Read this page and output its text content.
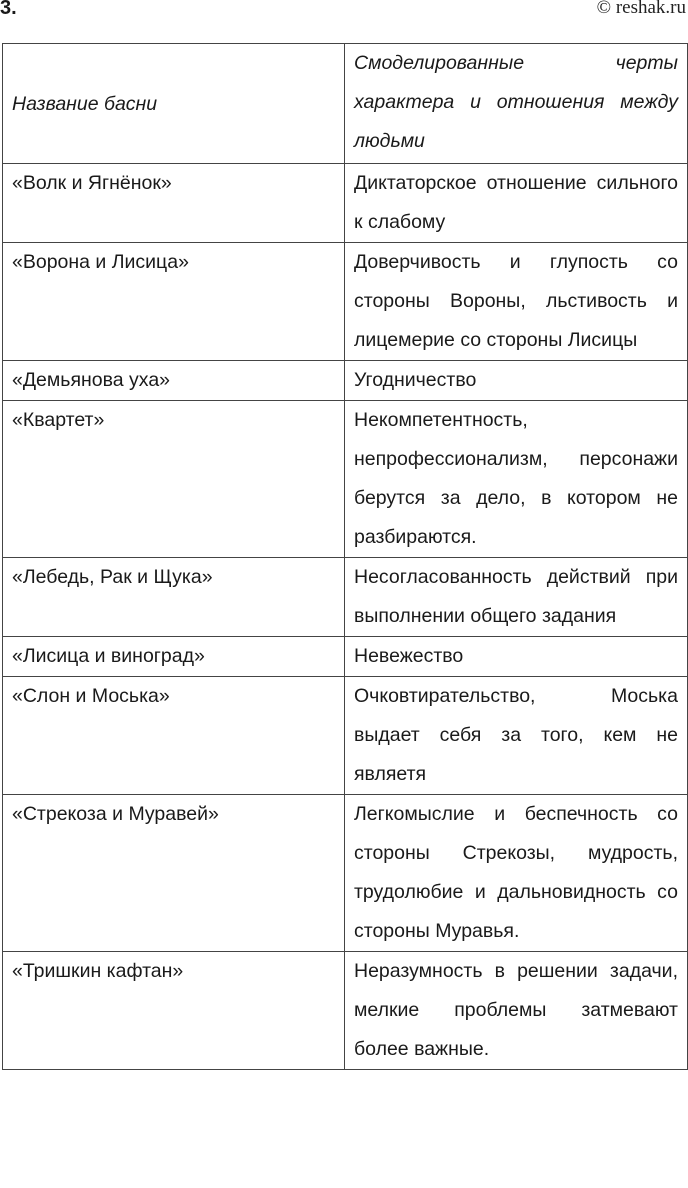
3.	© reshak.ru
Название басни	Смоделированные черты характера и отношения между людьми
«Волк и Ягнёнок»	Диктаторское отношение сильного к слабому
«Ворона и Лисица»	Доверчивость и глупость со стороны Вороны, льстивость и лицемерие со стороны Лисицы
«Демьянова уха»	Угодничество
«Квартет»	Некомпетентность, непрофессионализм, персонажи берутся за дело, в котором не разбираются.
«Лебедь, Рак и Щука»	Несогласованность действий при выполнении общего задания
«Лисица и виноград»	Невежество
«Слон и Моська»	Очковтирательство, Моська выдает себя за того, кем не являетя
«Стрекоза и Муравей»	Легкомыслие и беспечность со стороны Стрекозы, мудрость, трудолюбие и дальновидность со стороны Муравья.
«Тришкин кафтан»	Неразумность в решении задачи, мелкие проблемы затмевают более важные.
